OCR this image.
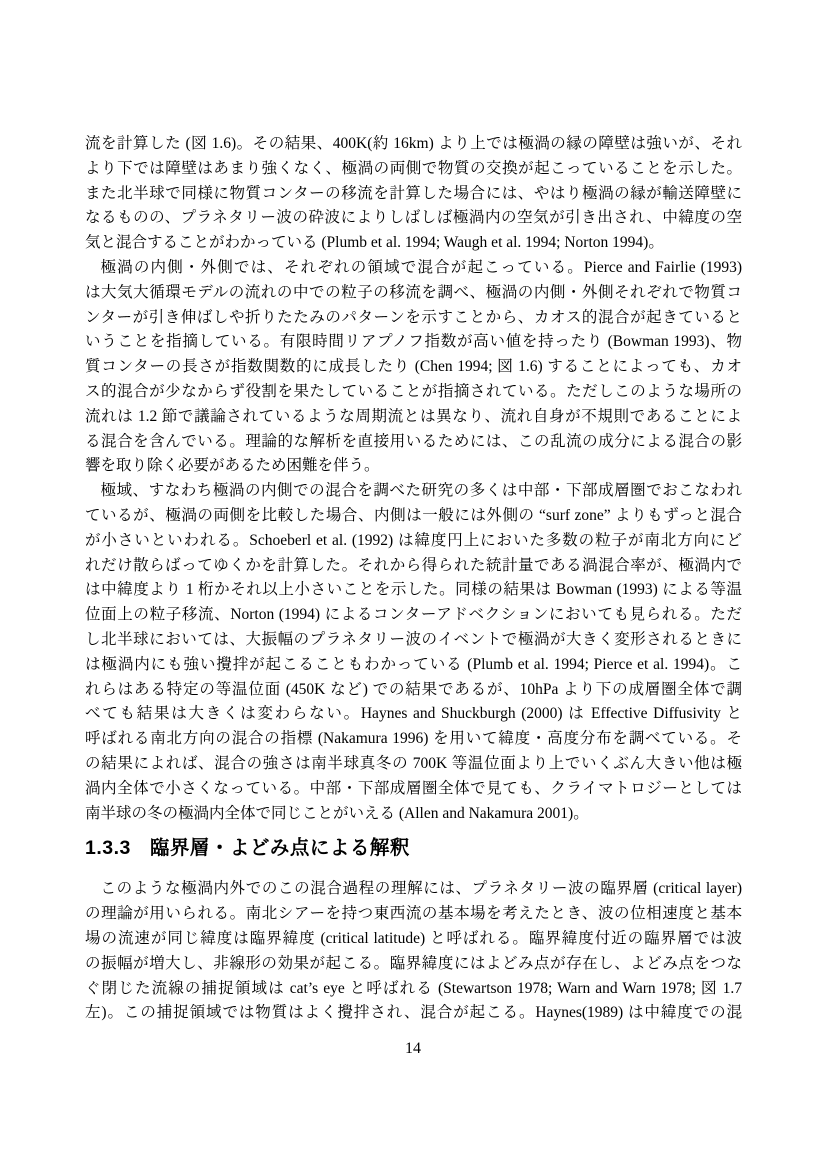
流を計算した (図 1.6)。その結果、400K(約 16km) より上では極渦の縁の障壁は強いが、それ
より下では障壁はあまり強くなく、極渦の両側で物質の交換が起こっていることを示した。
また北半球で同様に物質コンターの移流を計算した場合には、やはり極渦の縁が輸送障壁に
なるものの、プラネタリー波の砕波によりしばしば極渦内の空気が引き出され、中緯度の空
気と混合することがわかっている (Plumb et al. 1994; Waugh et al. 1994; Norton 1994)。

極渦の内側・外側では、それぞれの領域で混合が起こっている。Pierce and Fairlie (1993)
は大気大循環モデルの流れの中での粒子の移流を調べ、極渦の内側・外側それぞれで物質コ
ンターが引き伸ばしや折りたたみのパターンを示すことから、カオス的混合が起きていると
いうことを指摘している。有限時間リアプノフ指数が高い値を持ったり (Bowman 1993)、物
質コンターの長さが指数関数的に成長したり (Chen 1994; 図 1.6) することによっても、カオ
ス的混合が少なからず役割を果たしていることが指摘されている。ただしこのような場所の
流れは 1.2 節で議論されているような周期流とは異なり、流れ自身が不規則であることによ
る混合を含んでいる。理論的な解析を直接用いるためには、この乱流の成分による混合の影
響を取り除く必要があるため困難を伴う。

極域、すなわち極渦の内側での混合を調べた研究の多くは中部・下部成層圏でおこなわれ
ているが、極渦の両側を比較した場合、内側は一般には外側の “surf zone” よりもずっと混合
が小さいといわれる。Schoeberl et al. (1992) は緯度円上においた多数の粒子が南北方向にど
れだけ散らばってゆくかを計算した。それから得られた統計量である渦混合率が、極渦内で
は中緯度より 1 桁かそれ以上小さいことを示した。同様の結果は Bowman (1993) による等温
位面上の粒子移流、Norton (1994) によるコンターアドベクションにおいても見られる。ただ
し北半球においては、大振幅のプラネタリー波のイベントで極渦が大きく変形されるときに
は極渦内にも強い攪拌が起こることもわかっている (Plumb et al. 1994; Pierce et al. 1994)。こ
れらはある特定の等温位面 (450K など) での結果であるが、10hPa より下の成層圏全体で調
べても結果は大きくは変わらない。Haynes and Shuckburgh (2000) は Effective Diffusivity と
呼ばれる南北方向の混合の指標 (Nakamura 1996) を用いて緯度・高度分布を調べている。そ
の結果によれば、混合の強さは南半球真冬の 700K 等温位面より上でいくぶん大きい他は極
渦内全体で小さくなっている。中部・下部成層圏全体で見ても、クライマトロジーとしては
南半球の冬の極渦内全体で同じことがいえる (Allen and Nakamura 2001)。

1.3.3 臨界層・よどみ点による解釈

このような極渦内外でのこの混合過程の理解には、プラネタリー波の臨界層 (critical layer)
の理論が用いられる。南北シアーを持つ東西流の基本場を考えたとき、波の位相速度と基本
場の流速が同じ緯度は臨界緯度 (critical latitude) と呼ばれる。臨界緯度付近の臨界層では波
の振幅が増大し、非線形の効果が起こる。臨界緯度にはよどみ点が存在し、よどみ点をつな
ぐ閉じた流線の捕捉領域は cat’s eye と呼ばれる (Stewartson 1978; Warn and Warn 1978; 図 1.7
左)。この捕捉領域では物質はよく攪拌され、混合が起こる。Haynes(1989) は中緯度での混

14
